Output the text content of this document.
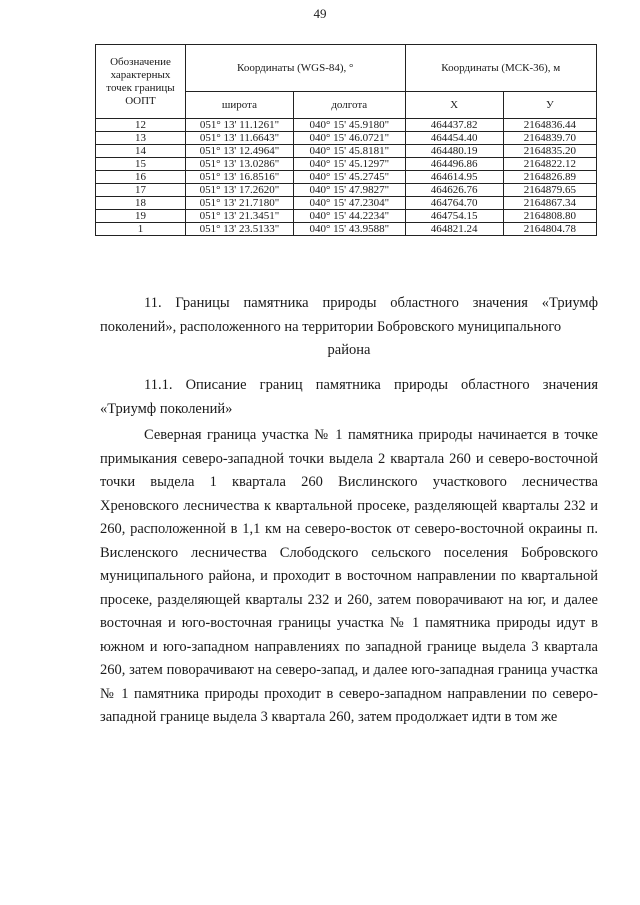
49
Обозначение характерных точек границы ООПТ	Координаты (WGS-84), °		Координаты (МСК-36), м	
	широта	долгота	X	У
12	051° 13' 11.1261"	040° 15' 45.9180"	464437.82	2164836.44
13	051° 13' 11.6643"	040° 15' 46.0721"	464454.40	2164839.70
14	051° 13' 12.4964"	040° 15' 45.8181"	464480.19	2164835.20
15	051° 13' 13.0286"	040° 15' 45.1297"	464496.86	2164822.12
16	051° 13' 16.8516"	040° 15' 45.2745"	464614.95	2164826.89
17	051° 13' 17.2620"	040° 15' 47.9827"	464626.76	2164879.65
18	051° 13' 21.7180"	040° 15' 47.2304"	464764.70	2164867.34
19	051° 13' 21.3451"	040° 15' 44.2234"	464754.15	2164808.80
1	051° 13' 23.5133"	040° 15' 43.9588"	464821.24	2164804.78
11. Границы памятника природы областного значения «Триумф поколений», расположенного на территории Бобровского муниципального
района
11.1. Описание границ памятника природы областного значения «Триумф поколений»
Северная граница участка № 1 памятника природы начинается в точке примыкания северо-западной точки выдела 2 квартала 260 и северо-восточной точки выдела 1 квартала 260 Вислинского участкового лесничества Хреновского лесничества к квартальной просеке, разделяющей кварталы 232 и 260, расположенной в 1,1 км на северо-восток от северо-восточной окраины п. Висленского лесничества Слободского сельского поселения Бобровского муниципального района, и проходит в восточном направлении по квартальной просеке, разделяющей кварталы 232 и 260, затем поворачивают на юг, и далее восточная и юго-восточная границы участка № 1 памятника природы идут в южном и юго-западном направлениях по западной границе выдела 3 квартала 260, затем поворачивают на северо-запад, и далее юго-западная граница участка № 1 памятника природы проходит в северо-западном направлении по северо-западной границе выдела 3 квартала 260, затем продолжает идти в том же
